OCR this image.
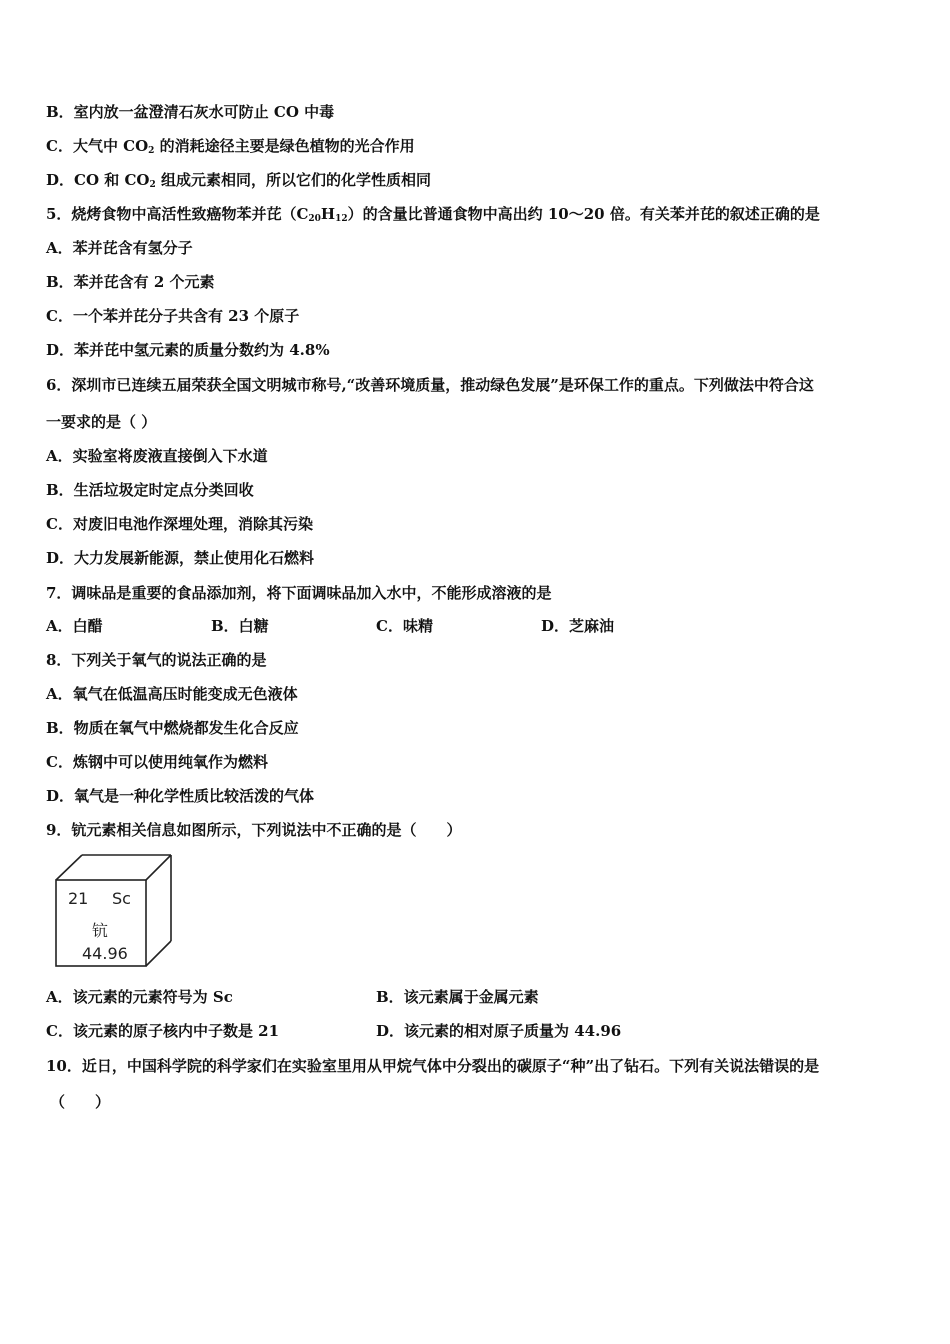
B．室内放一盆澄清石灰水可防止 CO 中毒
C．大气中 $CO_2$ 的消耗途径主要是绿色植物的光合作用
D．CO 和 $CO_2$ 组成元素相同，所以它们的化学性质相同
5．烧烤食物中高活性致癌物苯并芘$(C_{20}H_{12})$的含量比普通食物中高出约 10～20 倍。有关苯并芘的叙述正确的是
A．苯并芘含有氢分子
B．苯并芘含有 2 个元素
C．一个苯并芘分子共含有 23 个原子
D．苯并芘中氢元素的质量分数约为 4.8%
6．深圳市已连续五届荣获全国文明城市称号,“改善环境质量，推动绿色发展”是环保工作的重点。下列做法中符合这
一要求的是（ ）
A．实验室将废液直接倒入下水道
B．生活垃圾定时定点分类回收
C．对废旧电池作深埋处理，消除其污染
D．大力发展新能源，禁止使用化石燃料
7．调味品是重要的食品添加剂，将下面调味品加入水中，不能形成溶液的是
A．白醋	B．白糖	C．味精	D．芝麻油
8．下列关于氧气的说法正确的是
A．氧气在低温高压时能变成无色液体
B．物质在氧气中燃烧都发生化合反应
C．炼钢中可以使用纯氧作为燃料
D．氧气是一种化学性质比较活泼的气体
9．钪元素相关信息如图所示，下列说法中不正确的是（　　）
21 Sc
钪
44.96
A．该元素的元素符号为 Sc	B．该元素属于金属元素
C．该元素的原子核内中子数是 21	D．该元素的相对原子质量为 44.96
10．近日，中国科学院的科学家们在实验室里用从甲烷气体中分裂出的碳原子“种”出了钻石。下列有关说法错误的是
（　　）
